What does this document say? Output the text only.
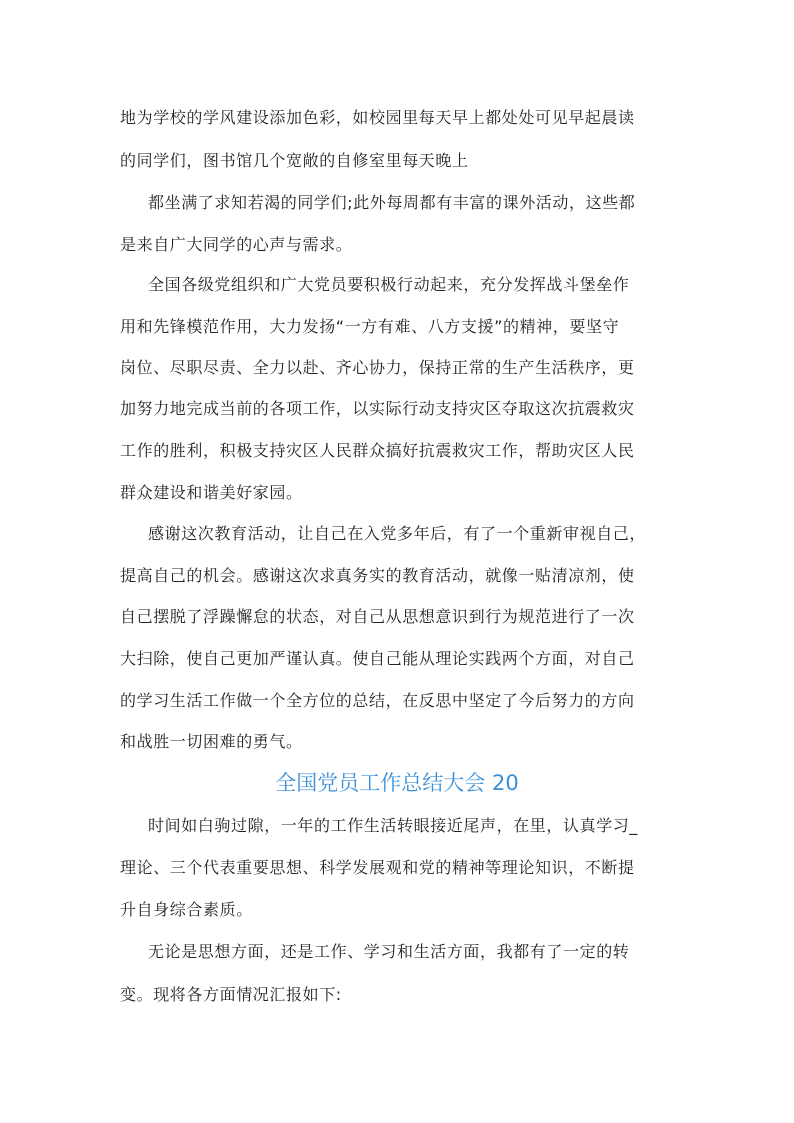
地为学校的学风建设添加色彩，如校园里每天早上都处处可见早起晨读
的同学们，图书馆几个宽敞的自修室里每天晚上
都坐满了求知若渴的同学们;此外每周都有丰富的课外活动，这些都
是来自广大同学的心声与需求。
全国各级党组织和广大党员要积极行动起来，充分发挥战斗堡垒作
用和先锋模范作用，大力发扬“一方有难、八方支援”的精神，要坚守
岗位、尽职尽责、全力以赴、齐心协力，保持正常的生产生活秩序，更
加努力地完成当前的各项工作，以实际行动支持灾区夺取这次抗震救灾
工作的胜利，积极支持灾区人民群众搞好抗震救灾工作，帮助灾区人民
群众建设和谐美好家园。
感谢这次教育活动，让自己在入党多年后，有了一个重新审视自己，
提高自己的机会。感谢这次求真务实的教育活动，就像一贴清凉剂，使
自己摆脱了浮躁懈怠的状态，对自己从思想意识到行为规范进行了一次
大扫除，使自己更加严谨认真。使自己能从理论实践两个方面，对自己
的学习生活工作做一个全方位的总结，在反思中坚定了今后努力的方向
和战胜一切困难的勇气。
全国党员工作总结大会 20
时间如白驹过隙，一年的工作生活转眼接近尾声，在里，认真学习_
理论、三个代表重要思想、科学发展观和党的精神等理论知识，不断提
升自身综合素质。
无论是思想方面，还是工作、学习和生活方面，我都有了一定的转
变。现将各方面情况汇报如下:
